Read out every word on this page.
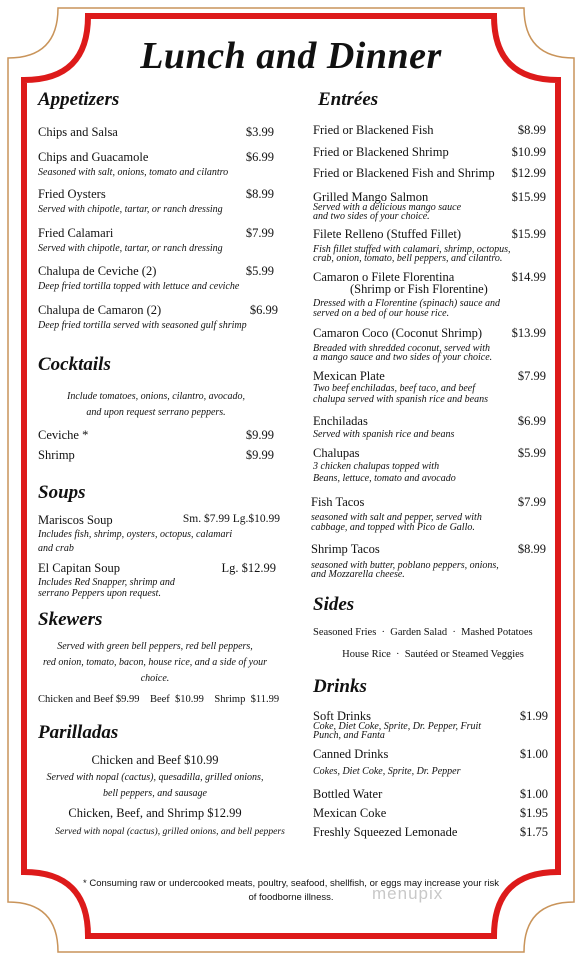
Lunch and Dinner
Appetizers
Chips and Salsa	$3.99
Chips and Guacamole	$6.99
Seasoned with salt, onions, tomato and cilantro
Fried Oysters	$8.99
Served with chipotle, tartar, or ranch dressing
Fried Calamari	$7.99
Served with chipotle, tartar, or ranch dressing
Chalupa de Ceviche (2)	$5.99
Deep fried tortilla topped with lettuce and ceviche
Chalupa de Camaron (2)	$6.99
Deep fried tortilla served with seasoned gulf shrimp
Cocktails
Include tomatoes, onions, cilantro, avocado,
and upon request serrano peppers.
Ceviche *	$9.99
Shrimp	$9.99
Soups
Mariscos Soup	Sm. $7.99 Lg.$10.99
Includes fish, shrimp, oysters, octopus, calamari
and crab
El Capitan Soup	Lg. $12.99
Includes Red Snapper, shrimp and
serrano Peppers upon request.
Skewers
Served with green bell peppers, red bell peppers,
red onion, tomato, bacon, house rice, and a side of your
choice.
Chicken and Beef $9.99    Beef  $10.99    Shrimp  $11.99
Parilladas
Chicken and Beef $10.99
Served with nopal (cactus), quesadilla, grilled onions,
bell peppers, and sausage
Chicken, Beef, and Shrimp $12.99
Served with nopal (cactus), grilled onions, and bell peppers
Entrées
Fried or Blackened Fish	$8.99
Fried or Blackened Shrimp	$10.99
Fried or Blackened Fish and Shrimp $12.99
Grilled Mango Salmon	$15.99
Served with a delicious mango sauce
and two sides of your choice.
Filete Relleno (Stuffed Fillet)	$15.99
Fish fillet stuffed with calamari, shrimp, octopus,
crab, onion, tomato, bell peppers, and cilantro.
Camaron o Filete Florentina
(Shrimp or Fish Florentine)
$14.99
Dressed with a Florentine (spinach) sauce and
served on a bed of our house rice.
Camaron Coco (Coconut Shrimp) $13.99
Breaded with shredded coconut, served with
a mango sauce and two sides of your choice.
Mexican Plate	$7.99
Two beef enchiladas, beef taco, and beef
chalupa served with spanish rice and beans
Enchiladas	$6.99
Served with spanish rice and beans
Chalupas	$5.99
3 chicken chalupas topped with
Beans, lettuce, tomato and avocado
Fish Tacos	$7.99
seasoned with salt and pepper, served with
cabbage, and topped with Pico de Gallo.
Shrimp Tacos	$8.99
seasoned with butter, poblano peppers, onions,
and Mozzarella cheese.
Sides
Seasoned Fries  ·  Garden Salad  ·  Mashed Potatoes
House Rice  ·  Sautéed or Steamed Veggies
Drinks
Soft Drinks	$1.99
Coke, Diet Coke, Sprite, Dr. Pepper, Fruit
Punch, and Fanta
Canned Drinks	$1.00
Cokes, Diet Coke, Sprite, Dr. Pepper
Bottled Water	$1.00
Mexican Coke	$1.95
Freshly Squeezed Lemonade	$1.75
* Consuming raw or undercooked meats, poultry, seafood, shellfish, or eggs may increase your risk
of foodborne illness.	menupix
